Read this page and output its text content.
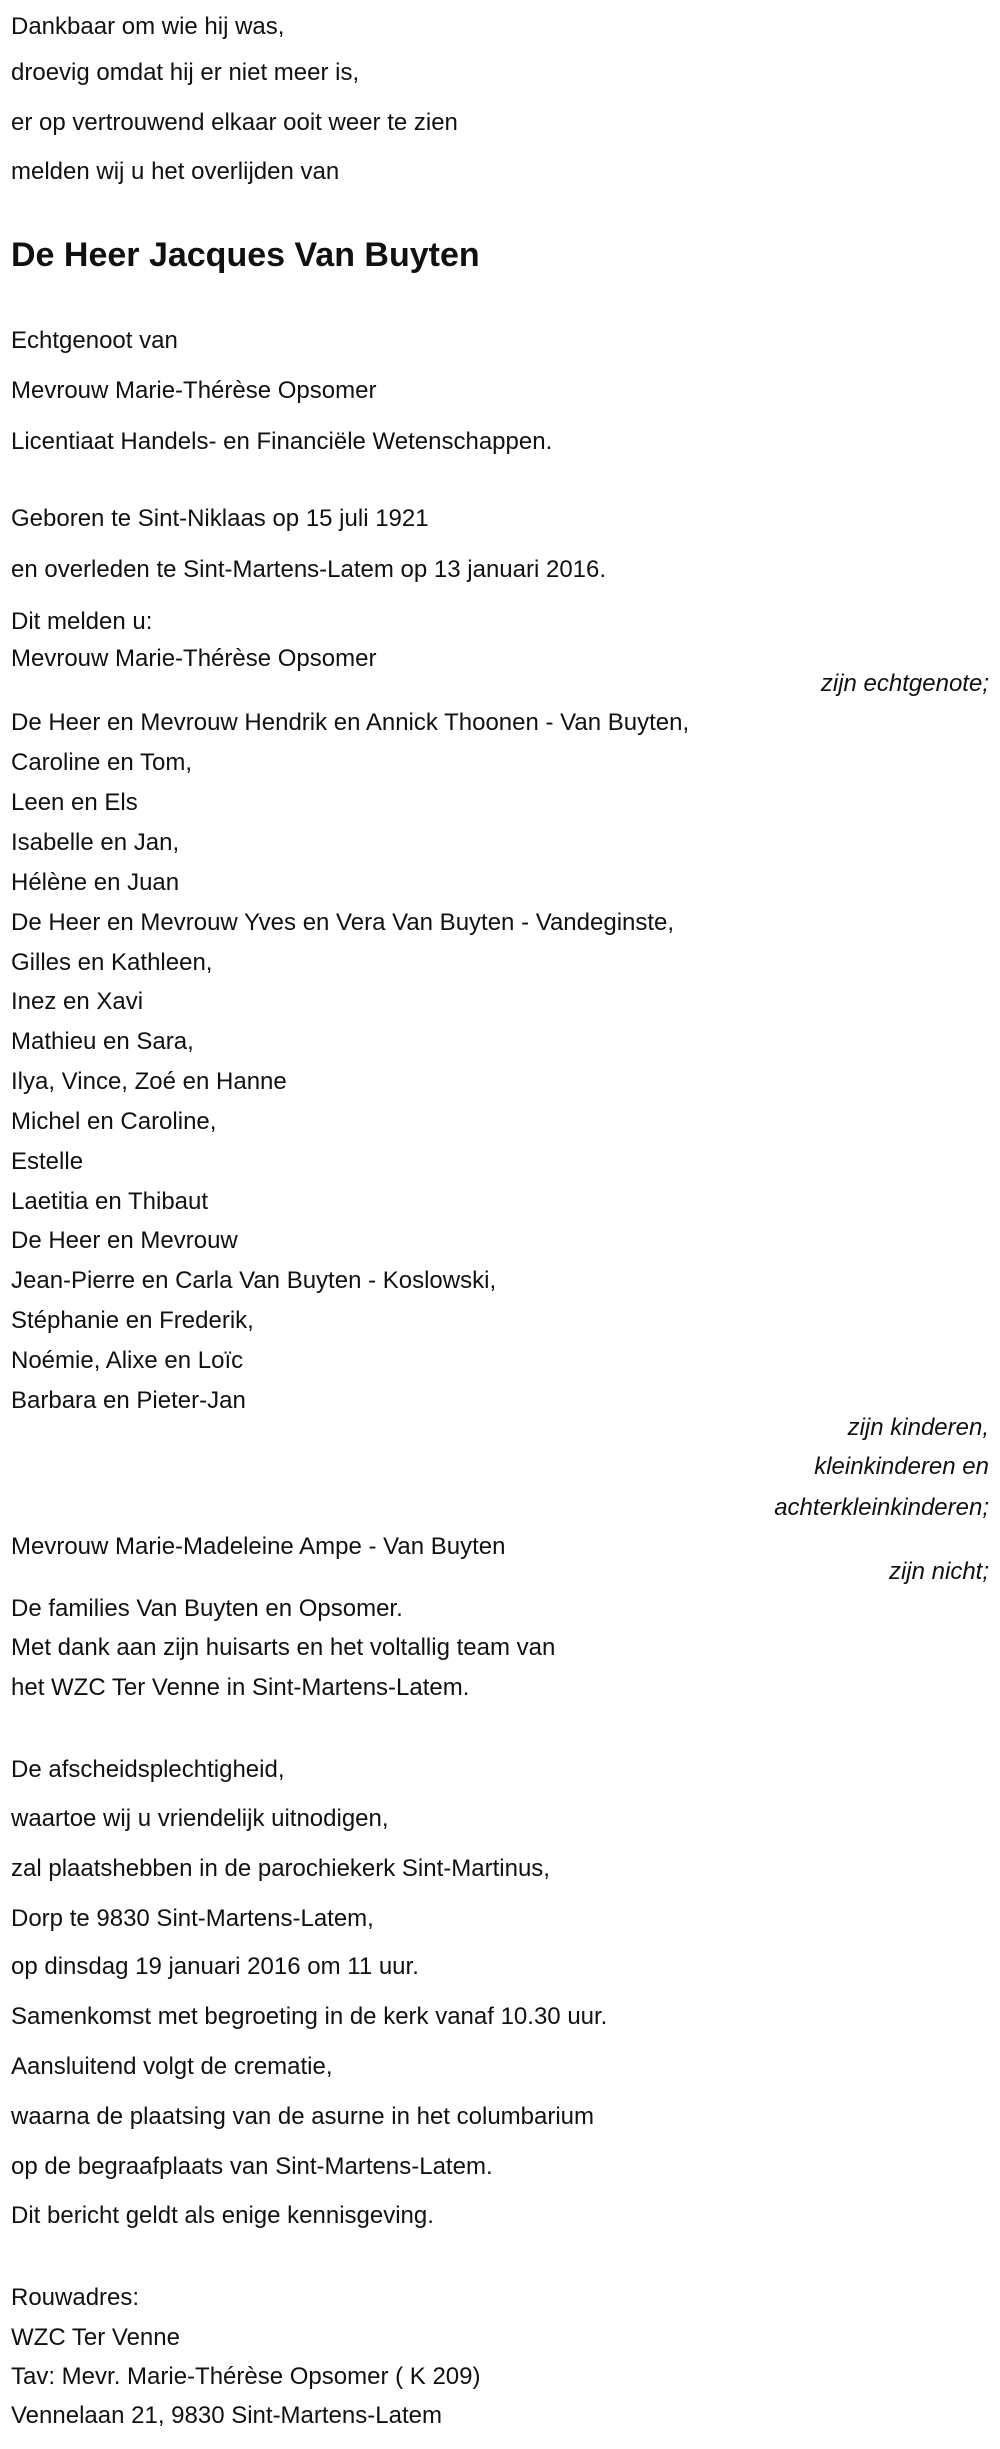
Dankbaar om wie hij was,
droevig omdat hij er niet meer is,
er op vertrouwend elkaar ooit weer te zien
melden wij u het overlijden van
De Heer Jacques Van Buyten
Echtgenoot van
Mevrouw Marie-Thérèse Opsomer
Licentiaat Handels- en Financiële Wetenschappen.
Geboren te Sint-Niklaas op 15 juli 1921
en overleden te Sint-Martens-Latem op 13 januari 2016.
Dit melden u:
Mevrouw Marie-Thérèse Opsomer
zijn echtgenote;
De Heer en Mevrouw Hendrik en Annick Thoonen - Van Buyten,
Caroline en Tom,
Leen en Els
Isabelle en Jan,
Hélène en Juan
De Heer en Mevrouw Yves en Vera Van Buyten - Vandeginste,
Gilles en Kathleen,
Inez en Xavi
Mathieu en Sara,
Ilya, Vince, Zoé en Hanne
Michel en Caroline,
Estelle
Laetitia en Thibaut
De Heer en Mevrouw
Jean-Pierre en Carla Van Buyten - Koslowski,
Stéphanie en Frederik,
Noémie, Alixe en Loïc
Barbara en Pieter-Jan
zijn kinderen,
kleinkinderen en
achterkleinkinderen;
Mevrouw Marie-Madeleine Ampe - Van Buyten
zijn nicht;
De families Van Buyten en Opsomer.
Met dank aan zijn huisarts en het voltallig team van
het WZC Ter Venne in Sint-Martens-Latem.
De afscheidsplechtigheid,
waartoe wij u vriendelijk uitnodigen,
zal plaatshebben in de parochiekerk Sint-Martinus,
Dorp te 9830 Sint-Martens-Latem,
op dinsdag 19 januari 2016 om 11 uur.
Samenkomst met begroeting in de kerk vanaf 10.30 uur.
Aansluitend volgt de crematie,
waarna de plaatsing van de asurne in het columbarium
op de begraafplaats van Sint-Martens-Latem.
Dit bericht geldt als enige kennisgeving.
Rouwadres:
WZC Ter Venne
Tav: Mevr. Marie-Thérèse Opsomer ( K 209)
Vennelaan 21, 9830 Sint-Martens-Latem
